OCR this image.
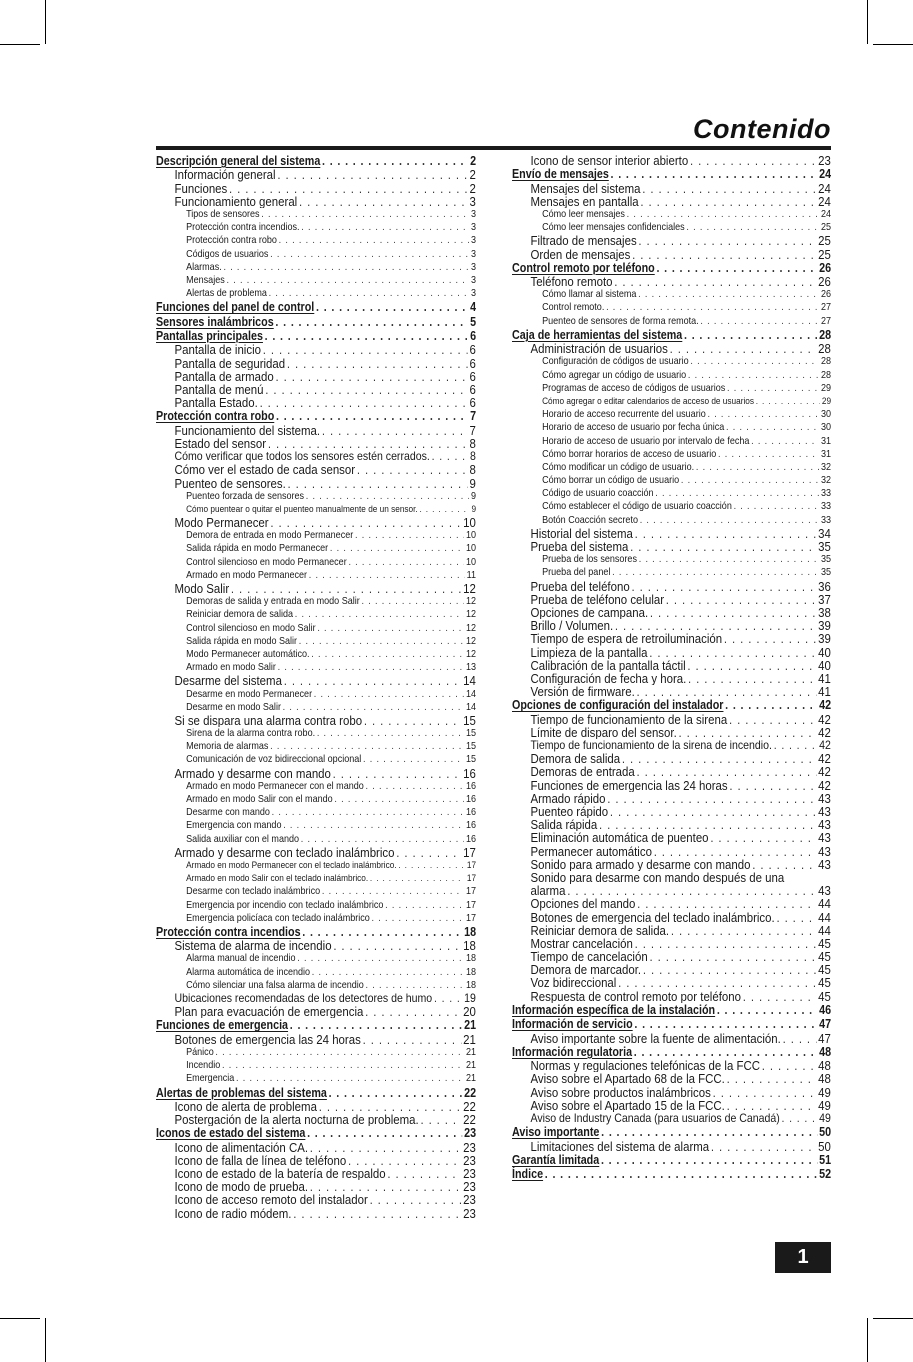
Contenido
Descripción general del sistema . . .	2
Información general . . .	2
Funciones . . .	2
Funcionamiento general . . .	3
Tipos de sensores . . .	3
Protección contra incendios. . . .	3
Protección contra robo . . .	3
Códigos de usuarios . . .	3
Alarmas. . . .	3
Mensajes . . .	3
Alertas de problema . . .	3
Funciones del panel de control . . .	4
Sensores inalámbricos . . .	5
Pantallas principales . . .	6
Pantalla de inicio . . .	6
Pantalla de seguridad . . .	6
Pantalla de armado . . .	6
Pantalla de menú . . .	6
Pantalla Estado. . . .	6
Protección contra robo . . .	7
Funcionamiento del sistema. . . .	7
Estado del sensor . . .	8
Cómo verificar que todos los sensores estén cerrados. . . .	8
Cómo ver el estado de cada sensor . . .	8
Puenteo de sensores. . . .	9
Puenteo forzada de sensores . . .	9
Cómo puentear o quitar el puenteo manualmente de un sensor. . . .	9
Modo Permanecer . . .	10
Demora de entrada en modo Permanecer . . .	10
Salida rápida en modo Permanecer . . .	10
Control silencioso en modo Permanecer . . .	10
Armado en modo Permanecer . . .	11
Modo Salir . . .	12
Demoras de salida y entrada en modo Salir . . .	12
Reiniciar demora de salida . . .	12
Control silencioso en modo Salir . . .	12
Salida rápida en modo Salir . . .	12
Modo Permanecer automático. . . .	12
Armado en modo Salir . . .	13
Desarme del sistema . . .	14
Desarme en modo Permanecer . . .	14
Desarme en modo Salir . . .	14
Si se dispara una alarma contra robo . . .	15
Sirena de la alarma contra robo. . . .	15
Memoria de alarmas . . .	15
Comunicación de voz bidireccional opcional . . .	15
Armado y desarme con mando . . .	16
Armado en modo Permanecer con el mando . . .	16
Armado en modo Salir con el mando . . .	16
Desarme con mando . . .	16
Emergencia con mando . . .	16
Salida auxiliar con el mando . . .	16
Armado y desarme con teclado inalámbrico . . .	17
Armado en modo Permanecer con el teclado inalámbrico. . . .	17
Armado en modo Salir con el teclado inalámbrico. . . .	17
Desarme con teclado inalámbrico . . .	17
Emergencia por incendio con teclado inalámbrico . . .	17
Emergencia policíaca con teclado inalámbrico . . .	17
Protección contra incendios . . .	18
Sistema de alarma de incendio . . .	18
Alarma manual de incendio . . .	18
Alarma automática de incendio . . .	18
Cómo silenciar una falsa alarma de incendio . . .	18
Ubicaciones recomendadas de los detectores de humo . . .	19
Plan para evacuación de emergencia . . .	20
Funciones de emergencia . . .	21
Botones de emergencia las 24 horas . . .	21
Pánico . . .	21
Incendio . . .	21
Emergencia . . .	21
Alertas de problemas del sistema . . .	22
Icono de alerta de problema . . .	22
Postergación de la alerta nocturna de problema. . . .	22
Iconos de estado del sistema . . .	23
Icono de alimentación CA. . . .	23
Icono de falla de línea de teléfono . . .	23
Icono de estado de la batería de respaldo . . .	23
Icono de modo de prueba. . . .	23
Icono de acceso remoto del instalador . . .	23
Icono de radio módem. . . .	23
Icono de sensor interior abierto . . .	23
Envío de mensajes . . .	24
Mensajes del sistema . . .	24
Mensajes en pantalla . . .	24
Cómo leer mensajes . . .	24
Cómo leer mensajes confidenciales . . .	25
Filtrado de mensajes . . .	25
Orden de mensajes . . .	25
Control remoto por teléfono . . .	26
Teléfono remoto . . .	26
Cómo llamar al sistema . . .	26
Control remoto. . . .	27
Puenteo de sensores de forma remota. . . .	27
Caja de herramientas del sistema . . .	28
Administración de usuarios . . .	28
Configuración de códigos de usuario . . .	28
Cómo agregar un código de usuario . . .	28
Programas de acceso de códigos de usuarios . . .	29
Cómo agregar o editar calendarios de acceso de usuarios . . .	29
Horario de acceso recurrente del usuario . . .	30
Horario de acceso de usuario por fecha única . . .	30
Horario de acceso de usuario por intervalo de fecha . . .	31
Cómo borrar horarios de acceso de usuario . . .	31
Cómo modificar un código de usuario. . . .	32
Cómo borrar un código de usuario . . .	32
Código de usuario coacción . . .	33
Cómo establecer el código de usuario coacción . . .	33
Botón Coacción secreto . . .	33
Historial del sistema . . .	34
Prueba del sistema . . .	35
Prueba de los sensores . . .	35
Prueba del panel . . .	35
Prueba del teléfono . . .	36
Prueba de teléfono celular . . .	37
Opciones de campana. . . .	38
Brillo / Volumen. . . .	39
Tiempo de espera de retroiluminación . . .	39
Limpieza de la pantalla . . .	40
Calibración de la pantalla táctil . . .	40
Configuración de fecha y hora. . . .	41
Versión de firmware. . . .	41
Opciones de configuración del instalador . . .	42
Tiempo de funcionamiento de la sirena . . .	42
Límite de disparo del sensor. . . .	42
Tiempo de funcionamiento de la sirena de incendio. . . .	42
Demora de salida . . .	42
Demoras de entrada . . .	42
Funciones de emergencia las 24 horas . . .	42
Armado rápido . . .	43
Puenteo rápido . . .	43
Salida rápida . . .	43
Eliminación automática de puenteo . . .	43
Permanecer automático . . .	43
Sonido para armado y desarme con mando . . .	43
Sonido para desarme con mando después de una
alarma . . .	43
Opciones del mando . . .	44
Botones de emergencia del teclado inalámbrico. . . .	44
Reiniciar demora de salida. . . .	44
Mostrar cancelación . . .	45
Tiempo de cancelación . . .	45
Demora de marcador. . . .	45
Voz bidireccional . . .	45
Respuesta de control remoto por teléfono . . .	45
Información específica de la instalación . . .	46
Información de servicio . . .	47
Aviso importante sobre la fuente de alimentación. . . .	47
Información regulatoria . . .	48
Normas y regulaciones telefónicas de la FCC . . .	48
Aviso sobre el Apartado 68 de la FCC. . . .	48
Aviso sobre productos inalámbricos . . .	49
Aviso sobre el Apartado 15 de la FCC. . . .	49
Aviso de Industry Canada (para usuarios de Canadá) . . .	49
Aviso importante . . .	50
Limitaciones del sistema de alarma . . .	50
Garantía limitada . . .	51
Índice . . .	52
1
